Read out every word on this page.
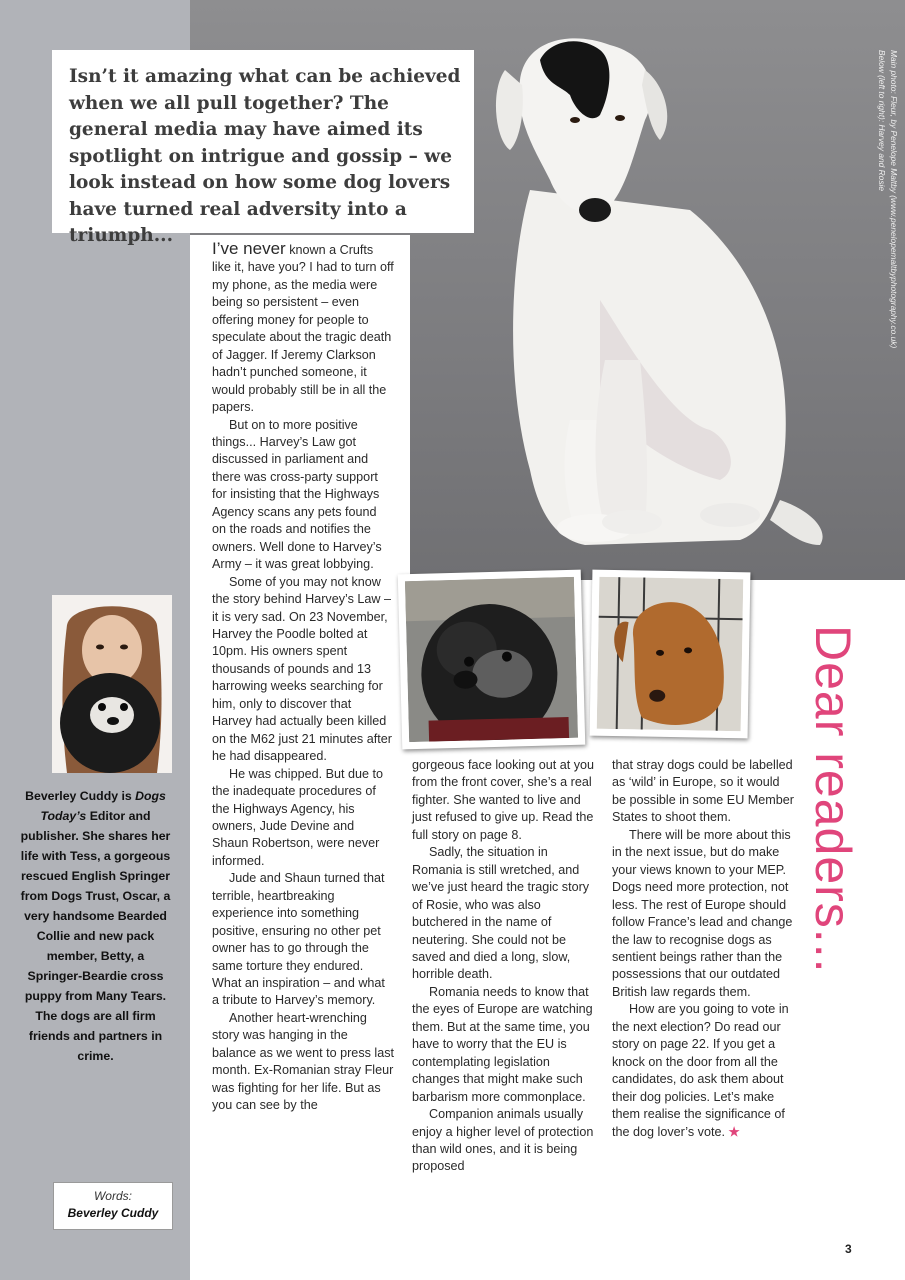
Isn’t it amazing what can be achieved when we all pull together? The general media may have aimed its spotlight on intrigue and gossip – we look instead on how some dog lovers have turned real adversity into a triumph...	Main photo: Fleur, by Penelope Maltby (www.penelopemaltbyphotography.co.uk)
Below (left to right): Harvey and Rosie

I’ve never known a Crufts like it, have you? I had to turn off my phone, as the media were being so persistent – even offering money for people to speculate about the tragic death of Jagger. If Jeremy Clarkson hadn’t punched someone, it would probably still be in all the papers.

But on to more positive things... Harvey’s Law got discussed in parliament and there was cross-party support for insisting that the Highways Agency scans any pets found on the roads and notifies the owners. Well done to Harvey’s Army – it was great lobbying.

Some of you may not know the story behind Harvey’s Law – it is very sad. On 23 November, Harvey the Poodle bolted at 10pm. His owners spent thousands of pounds and 13 harrowing weeks searching for him, only to discover that Harvey had actually been killed on the M62 just 21 minutes after he had disappeared.

He was chipped. But due to the inadequate procedures of the Highways Agency, his owners, Jude Devine and Shaun Robertson, were never informed.

Jude and Shaun turned that terrible, heartbreaking experience into something positive, ensuring no other pet owner has to go through the same torture they endured. What an inspiration – and what a tribute to Harvey’s memory.

Another heart-wrenching story was hanging in the balance as we went to press last month. Ex-Romanian stray Fleur was fighting for her life. But as you can see by the

gorgeous face looking out at you from the front cover, she’s a real fighter. She wanted to live and just refused to give up. Read the full story on page 8.

Sadly, the situation in Romania is still wretched, and we’ve just heard the tragic story of Rosie, who was also butchered in the name of neutering. She could not be saved and died a long, slow, horrible death.

Romania needs to know that the eyes of Europe are watching them. But at the same time, you have to worry that the EU is contemplating legislation changes that might make such barbarism more commonplace.

Companion animals usually enjoy a higher level of protection than wild ones, and it is being proposed

that stray dogs could be labelled as ‘wild’ in Europe, so it would be possible in some EU Member States to shoot them.

There will be more about this in the next issue, but do make your views known to your MEP. Dogs need more protection, not less. The rest of Europe should follow France’s lead and change the law to recognise dogs as sentient beings rather than the possessions that our outdated British law regards them.

How are you going to vote in the next election? Do read our story on page 22. If you get a knock on the door from all the candidates, do ask them about their dog policies. Let’s make them realise the significance of the dog lover’s vote. ★

Dear readers...
Beverley Cuddy is Dogs Today’s Editor and publisher. She shares her life with Tess, a gorgeous rescued English Springer from Dogs Trust, Oscar, a very handsome Bearded Collie and new pack member, Betty, a Springer-Beardie cross puppy from Many Tears. The dogs are all firm friends and partners in crime.
Words:
Beverley Cuddy
3
